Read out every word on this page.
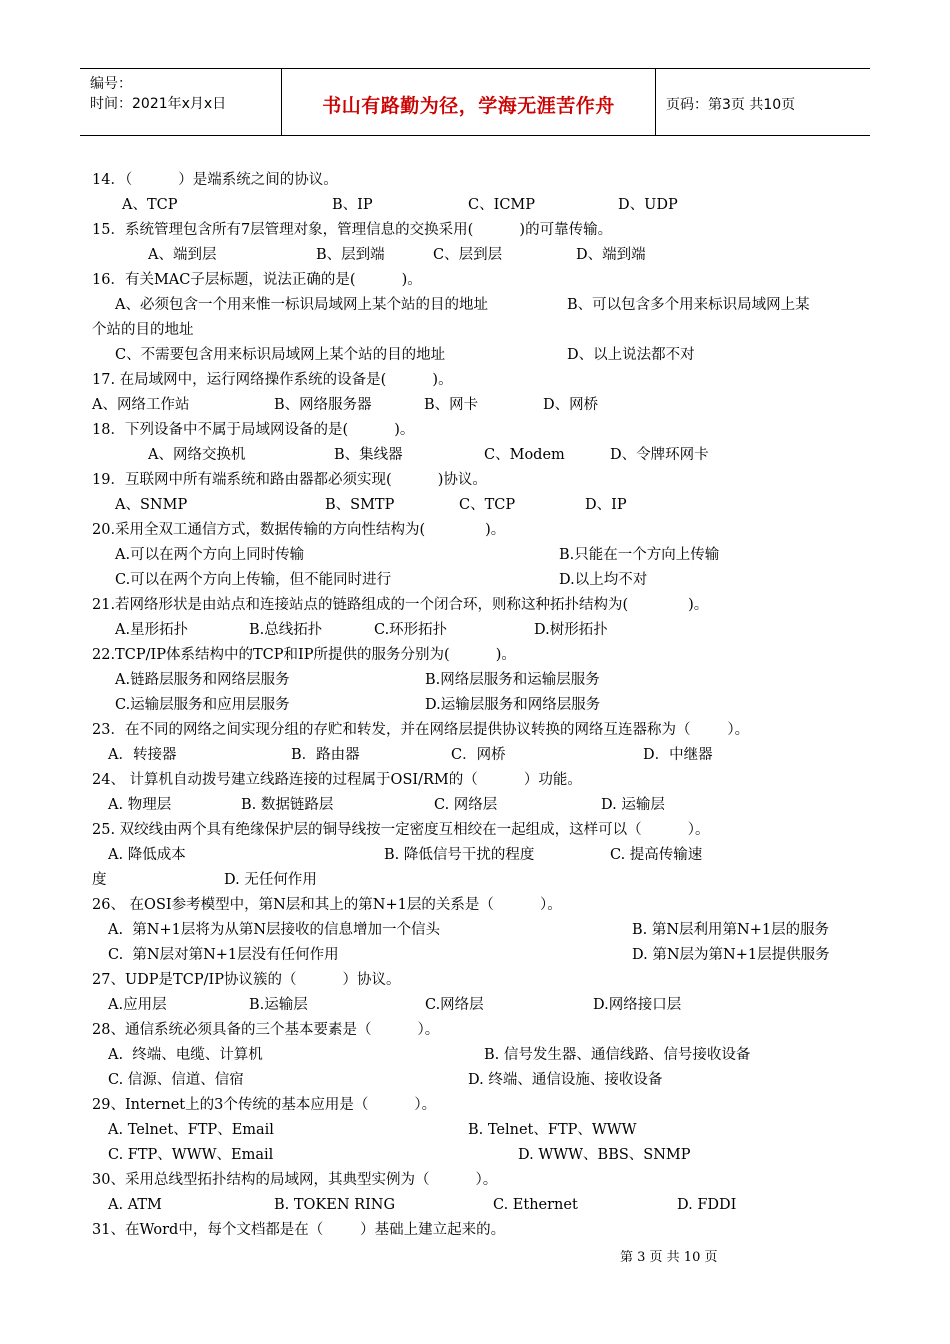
编号：
时间：2021年x月x日	书山有路勤为径，学海无涯苦作舟	页码：第3页 共10页
14．（          ）是端系统之间的协议。
A、TCP	B、IP	C、ICMP	D、UDP
15．系统管理包含所有7层管理对象，管理信息的交换采用(          )的可靠传输。
A、端到层	B、层到端	C、层到层	D、端到端
16．有关MAC子层标题，说法正确的是(          )。
A、必须包含一个用来惟一标识局域网上某个站的目的地址	B、可以包含多个用来标识局域网上某
个站的目的地址
C、不需要包含用来标识局域网上某个站的目的地址	D、以上说法都不对
17. 在局域网中，运行网络操作系统的设备是(          )。
A、网络工作站	B、网络服务器	B、网卡	D、网桥
18．下列设备中不属于局域网设备的是(          )。
A、网络交换机	B、集线器	C、Modem	D、令牌环网卡
19．互联网中所有端系统和路由器都必须实现(          )协议。
A、SNMP	B、SMTP	C、TCP	D、IP
20.采用全双工通信方式，数据传输的方向性结构为(             )。
A.可以在两个方向上同时传输	B.只能在一个方向上传输
C.可以在两个方向上传输，但不能同时进行	D.以上均不对
21.若网络形状是由站点和连接站点的链路组成的一个闭合环，则称这种拓扑结构为(             )。
A.星形拓扑	B.总线拓扑	C.环形拓扑	D.树形拓扑
22.TCP/IP体系结构中的TCP和IP所提供的服务分别为(          )。
A.链路层服务和网络层服务	B.网络层服务和运输层服务
C.运输层服务和应用层服务	D.运输层服务和网络层服务
23．在不同的网络之间实现分组的存贮和转发，并在网络层提供协议转换的网络互连器称为（        ）。
A．转接器	B．路由器	C．网桥	D．中继器
24、 计算机自动拨号建立线路连接的过程属于OSI/RM的（          ）功能。
A. 物理层	B. 数据链路层	C. 网络层	D. 运输层
25. 双绞线由两个具有绝缘保护层的铜导线按一定密度互相绞在一起组成，这样可以（          ）。
A. 降低成本	B. 降低信号干扰的程度	C. 提高传输速
度	D. 无任何作用
26、 在OSI参考模型中，第N层和其上的第N+1层的关系是（          ）。
A.  第N+1层将为从第N层接收的信息增加一个信头	B. 第N层利用第N+1层的服务
C.  第N层对第N+1层没有任何作用	D. 第N层为第N+1层提供服务
27、UDP是TCP/IP协议簇的（          ）协议。
A.应用层	B.运输层	C.网络层	D.网络接口层
28、通信系统必须具备的三个基本要素是（          ）。
A.  终端、电缆、计算机	B. 信号发生器、通信线路、信号接收设备
C. 信源、信道、信宿	D. 终端、通信设施、接收设备
29、Internet上的3个传统的基本应用是（          ）。
A. Telnet、FTP、Email	B. Telnet、FTP、WWW
C. FTP、WWW、Email	D. WWW、BBS、SNMP
30、采用总线型拓扑结构的局域网，其典型实例为（          ）。
A. ATM	B. TOKEN RING	C. Ethernet	D. FDDI
31、在Word中，每个文档都是在（        ）基础上建立起来的。
第 3 页 共 10 页
